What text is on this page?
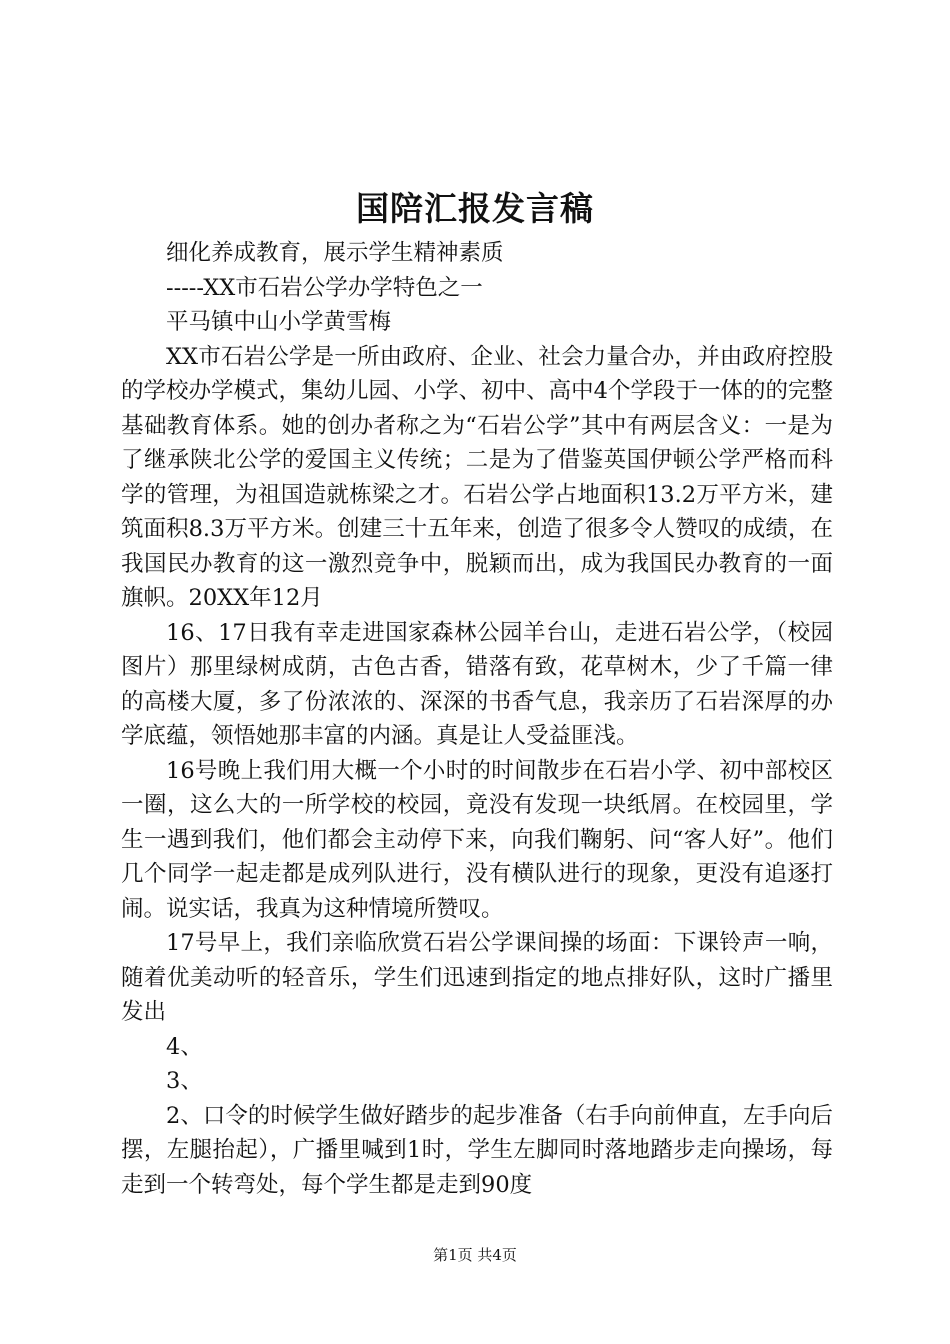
国陪汇报发言稿

细化养成教育，展示学生精神素质

-----XX市石岩公学办学特色之一

平马镇中山小学黄雪梅

XX市石岩公学是一所由政府、企业、社会力量合办，并由政府控股的学校办学模式，集幼儿园、小学、初中、高中4个学段于一体的的完整基础教育体系。她的创办者称之为“石岩公学”其中有两层含义：一是为了继承陕北公学的爱国主义传统；二是为了借鉴英国伊顿公学严格而科学的管理，为祖国造就栋梁之才。石岩公学占地面积13.2万平方米，建筑面积8.3万平方米。创建三十五年来，创造了很多令人赞叹的成绩，在我国民办教育的这一激烈竞争中，脱颖而出，成为我国民办教育的一面旗帜。20XX年12月

16、17日我有幸走进国家森林公园羊台山，走进石岩公学，（校园图片）那里绿树成荫，古色古香，错落有致，花草树木，少了千篇一律的高楼大厦，多了份浓浓的、深深的书香气息，我亲历了石岩深厚的办学底蕴，领悟她那丰富的内涵。真是让人受益匪浅。

16号晚上我们用大概一个小时的时间散步在石岩小学、初中部校区一圈，这么大的一所学校的校园，竟没有发现一块纸屑。在校园里，学生一遇到我们，他们都会主动停下来，向我们鞠躬、问“客人好”。他们几个同学一起走都是成列队进行，没有横队进行的现象，更没有追逐打闹。说实话，我真为这种情境所赞叹。

17号早上，我们亲临欣赏石岩公学课间操的场面：下课铃声一响，随着优美动听的轻音乐，学生们迅速到指定的地点排好队，这时广播里发出

4、

3、

2、口令的时候学生做好踏步的起步准备（右手向前伸直，左手向后摆，左腿抬起），广播里喊到1时，学生左脚同时落地踏步走向操场，每走到一个转弯处，每个学生都是走到90度

第1页 共4页
